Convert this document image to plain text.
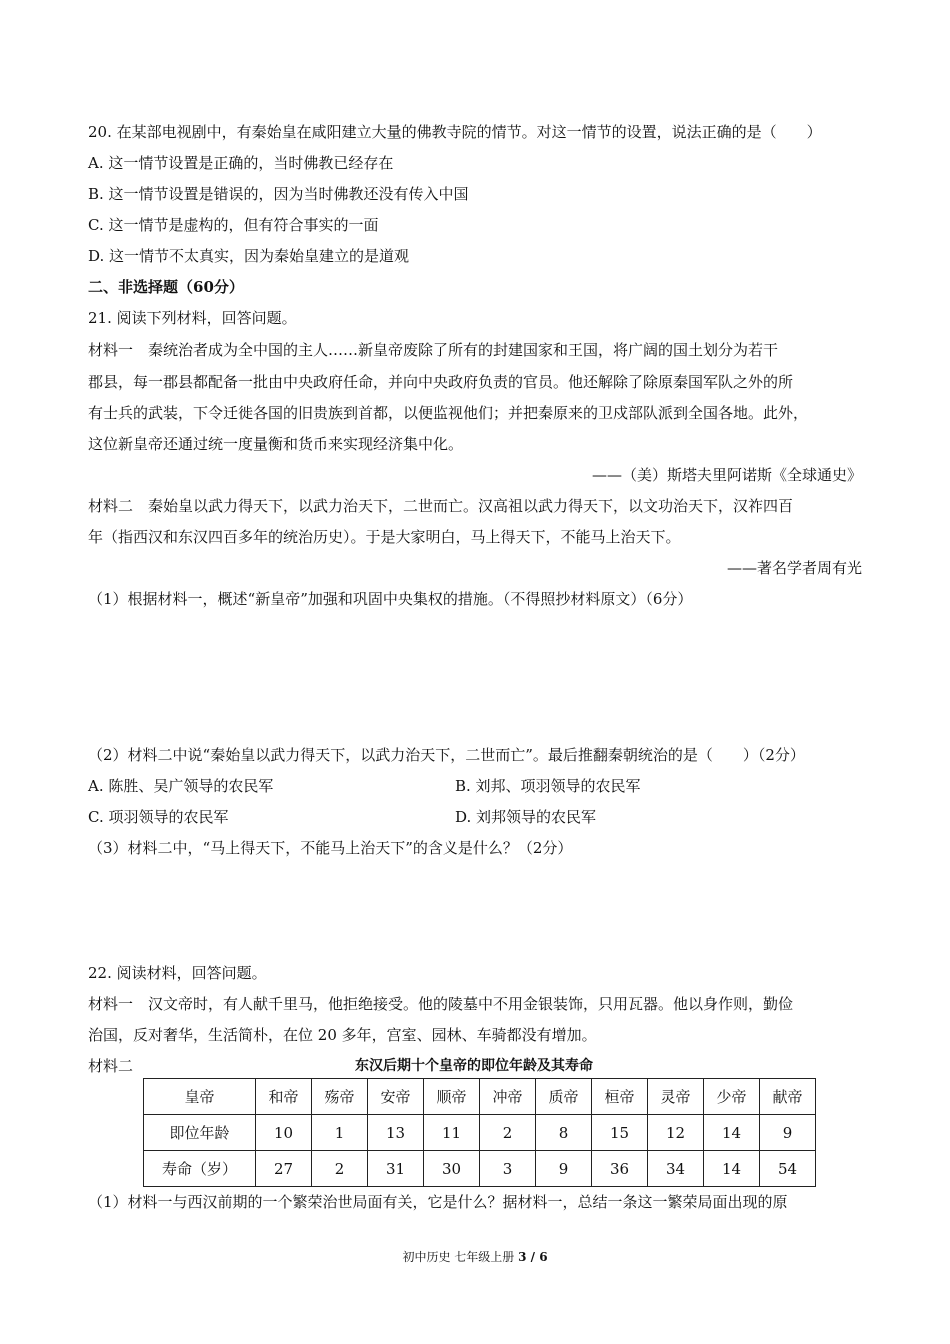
20. 在某部电视剧中，有秦始皇在咸阳建立大量的佛教寺院的情节。对这一情节的设置，说法正确的是（　　）
A. 这一情节设置是正确的，当时佛教已经存在
B. 这一情节设置是错误的，因为当时佛教还没有传入中国
C. 这一情节是虚构的，但有符合事实的一面
D. 这一情节不太真实，因为秦始皇建立的是道观
二、非选择题（60分）
21. 阅读下列材料，回答问题。
材料一　秦统治者成为全中国的主人……新皇帝废除了所有的封建国家和王国，将广阔的国土划分为若干
郡县，每一郡县都配备一批由中央政府任命，并向中央政府负责的官员。他还解除了除原秦国军队之外的所
有士兵的武装，下令迁徙各国的旧贵族到首都，以便监视他们；并把秦原来的卫戍部队派到全国各地。此外，
这位新皇帝还通过统一度量衡和货币来实现经济集中化。
——（美）斯塔夫里阿诺斯《全球通史》
材料二　秦始皇以武力得天下，以武力治天下，二世而亡。汉高祖以武力得天下，以文功治天下，汉祚四百
年（指西汉和东汉四百多年的统治历史）。于是大家明白，马上得天下，不能马上治天下。
——著名学者周有光
（1）根据材料一，概述“新皇帝”加强和巩固中央集权的措施。（不得照抄材料原文）（6分）
（2）材料二中说“秦始皇以武力得天下，以武力治天下，二世而亡”。最后推翻秦朝统治的是（　　）（2分）
A. 陈胜、吴广领导的农民军	B. 刘邦、项羽领导的农民军
C. 项羽领导的农民军	D. 刘邦领导的农民军
（3）材料二中，“马上得天下，不能马上治天下”的含义是什么？（2分）
22. 阅读材料，回答问题。
材料一　汉文帝时，有人献千里马，他拒绝接受。他的陵墓中不用金银装饰，只用瓦器。他以身作则，勤俭
治国，反对奢华，生活简朴，在位 20 多年，宫室、园林、车骑都没有增加。
材料二	东汉后期十个皇帝的即位年龄及其寿命
皇帝	和帝	殇帝	安帝	顺帝	冲帝	质帝	桓帝	灵帝	少帝	献帝
即位年龄	10	1	13	11	2	8	15	12	14	9
寿命（岁）	27	2	31	30	3	9	36	34	14	54
（1）材料一与西汉前期的一个繁荣治世局面有关，它是什么？据材料一，总结一条这一繁荣局面出现的原
初中历史 七年级上册 3 / 6
